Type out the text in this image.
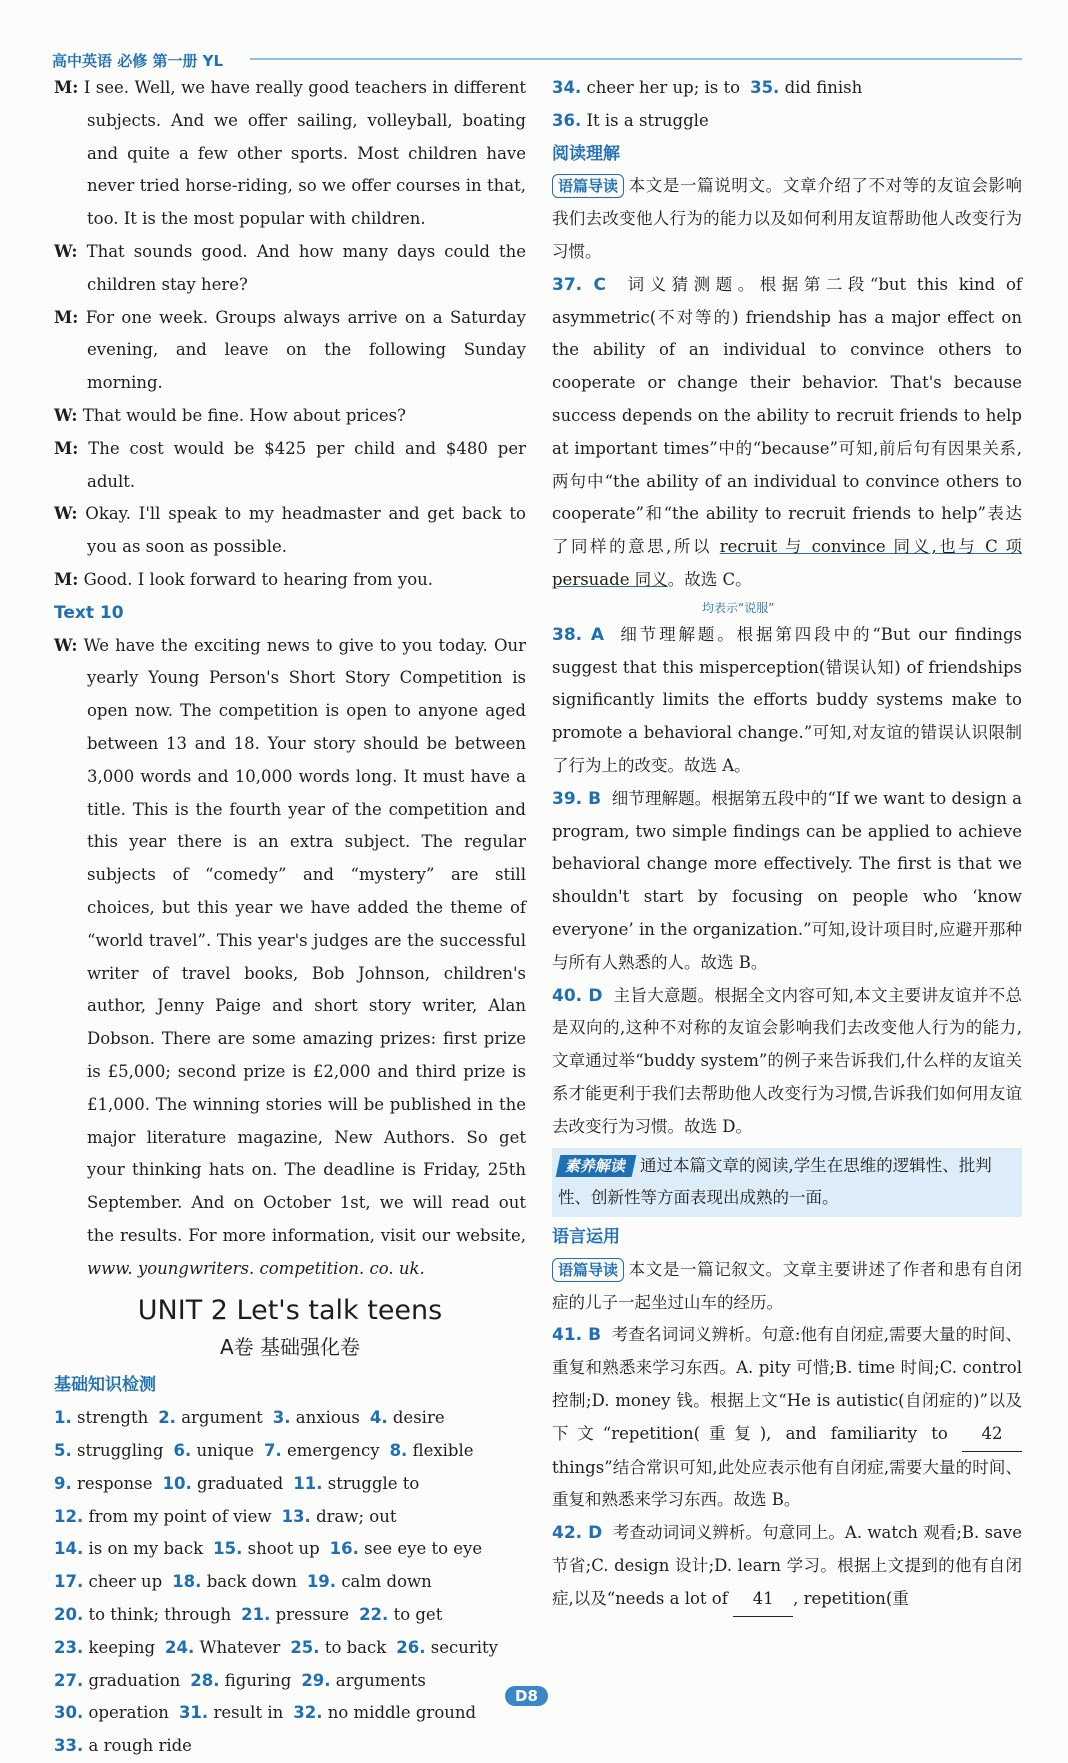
高中英语 必修 第一册 YL

M: I see. Well, we have really good teachers in different subjects. And we offer sailing, volleyball, boating and quite a few other sports. Most children have never tried horse-riding, so we offer courses in that, too. It is the most popular with children.

W: That sounds good. And how many days could the children stay here?

M: For one week. Groups always arrive on a Saturday evening, and leave on the following Sunday morning.

W: That would be fine. How about prices?

M: The cost would be $425 per child and $480 per adult.

W: Okay. I'll speak to my headmaster and get back to you as soon as possible.

M: Good. I look forward to hearing from you.

Text 10

W: We have the exciting news to give to you today. Our yearly Young Person's Short Story Competition is open now. The competition is open to anyone aged between 13 and 18. Your story should be between 3,000 words and 10,000 words long. It must have a title. This is the fourth year of the competition and this year there is an extra subject. The regular subjects of “comedy” and “mystery” are still choices, but this year we have added the theme of “world travel”. This year's judges are the successful writer of travel books, Bob Johnson, children's author, Jenny Paige and short story writer, Alan Dobson. There are some amazing prizes: first prize is £5,000; second prize is £2,000 and third prize is £1,000. The winning stories will be published in the major literature magazine, New Authors. So get your thinking hats on. The deadline is Friday, 25th September. And on October 1st, we will read out the results. For more information, visit our website, www. youngwriters. competition. co. uk.

UNIT 2 Let's talk teens
A卷 基础强化卷
基础知识检测
1. strength 2. argument 3. anxious 4. desire
5. struggling 6. unique 7. emergency 8. flexible
9. response 10. graduated 11. struggle to
12. from my point of view 13. draw; out
14. is on my back 15. shoot up 16. see eye to eye
17. cheer up 18. back down 19. calm down
20. to think; through 21. pressure 22. to get
23. keeping 24. Whatever 25. to back 26. security
27. graduation 28. figuring 29. arguments
30. operation 31. result in 32. no middle ground
33. a rough ride
34. cheer her up; is to 35. did finish
36. It is a struggle
阅读理解

语篇导读 本文是一篇说明文。文章介绍了不对等的友谊会影响我们去改变他人行为的能力以及如何利用友谊帮助他人改变行为习惯。

37. C 词义猜测题。根据第二段“but this kind of asymmetric(不对等的) friendship has a major effect on the ability of an individual to convince others to cooperate or change their behavior. That's because success depends on the ability to recruit friends to help at important times”中的“because”可知,前后句有因果关系,两句中“the ability of an individual to convince others to cooperate”和“the ability to recruit friends to help”表达了同样的意思,所以 recruit 与 convince 同义,也与 C 项 persuade 同义。故选 C。

均表示“说服”

38. A 细节理解题。根据第四段中的“But our findings suggest that this misperception(错误认知) of friendships significantly limits the efforts buddy systems make to promote a behavioral change.”可知,对友谊的错误认识限制了行为上的改变。故选 A。

39. B 细节理解题。根据第五段中的“If we want to design a program, two simple findings can be applied to achieve behavioral change more effectively. The first is that we shouldn't start by focusing on people who ‘know everyone’ in the organization.”可知,设计项目时,应避开那种与所有人熟悉的人。故选 B。

40. D 主旨大意题。根据全文内容可知,本文主要讲友谊并不总是双向的,这种不对称的友谊会影响我们去改变他人行为的能力,文章通过举“buddy system”的例子来告诉我们,什么样的友谊关系才能更利于我们去帮助他人改变行为习惯,告诉我们如何用友谊去改变行为习惯。故选 D。

素养解读 通过本篇文章的阅读,学生在思维的逻辑性、批判性、创新性等方面表现出成熟的一面。
语言运用

语篇导读 本文是一篇记叙文。文章主要讲述了作者和患有自闭症的儿子一起坐过山车的经历。

41. B 考查名词词义辨析。句意:他有自闭症,需要大量的时间、重复和熟悉来学习东西。A. pity 可惜;B. time 时间;C. control 控制;D. money 钱。根据上文“He is autistic(自闭症的)”以及下文“repetition(重复), and familiarity to 42 things”结合常识可知,此处应表示他有自闭症,需要大量的时间、重复和熟悉来学习东西。故选 B。

42. D 考查动词词义辨析。句意同上。A. watch 观看;B. save 节省;C. design 设计;D. learn 学习。根据上文提到的他有自闭症,以及“needs a lot of 41 , repetition(重

D8
